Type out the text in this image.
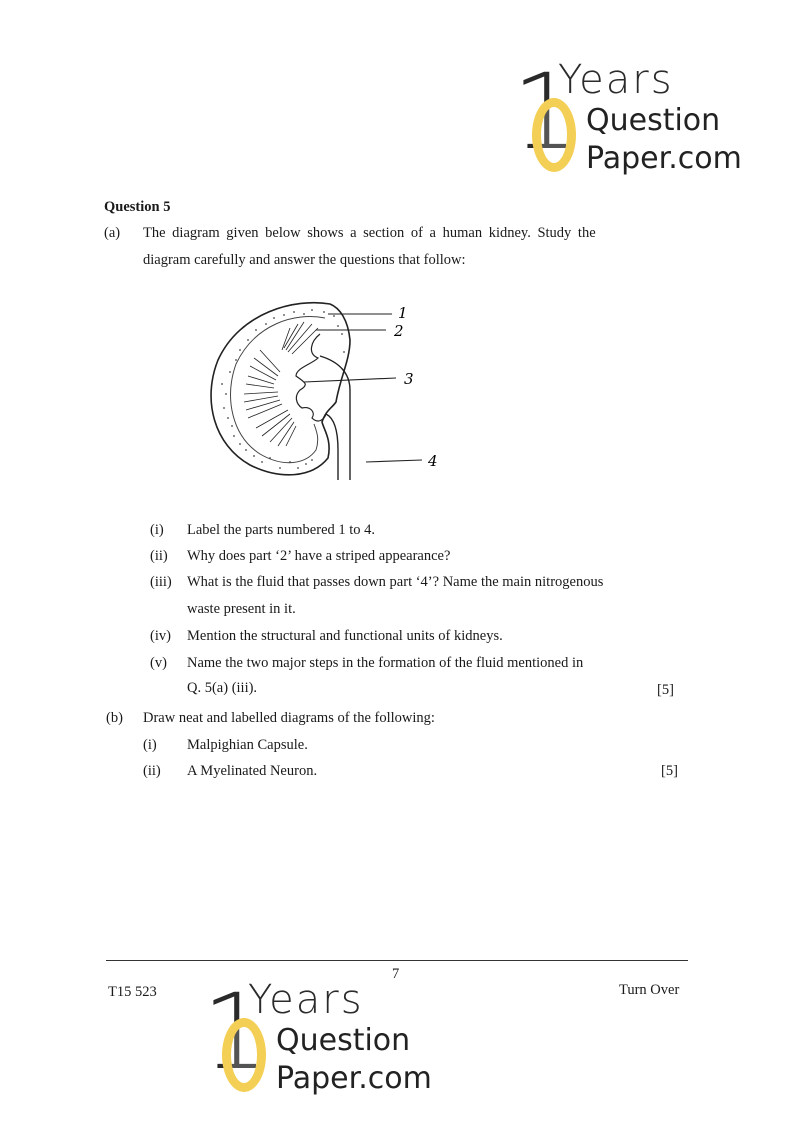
1
Years
Question
Paper.com
Question 5
(a) The diagram given below shows a section of a human kidney. Study the
diagram carefully and answer the questions that follow:
1
2
3
4
(i) Label the parts numbered 1 to 4.
(ii) Why does part ‘2’ have a striped appearance?
(iii) What is the fluid that passes down part ‘4’? Name the main nitrogenous
waste present in it.
(iv) Mention the structural and functional units of kidneys.
(v) Name the two major steps in the formation of the fluid mentioned in
Q. 5(a) (iii).	[5]
(b) Draw neat and labelled diagrams of the following:
(i) Malpighian Capsule.
(ii) A Myelinated Neuron.	[5]
7
T15 523	Turn Over
1
Years
Question
Paper.com
